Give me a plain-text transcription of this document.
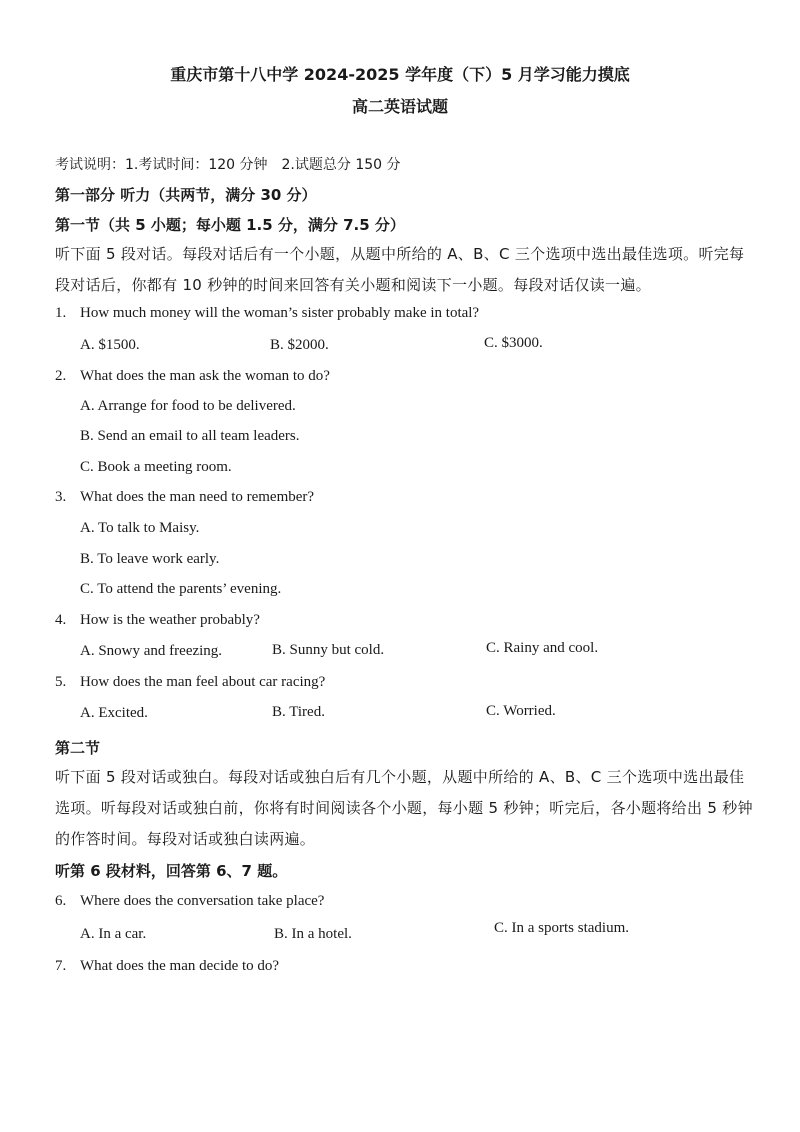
重庆市第十八中学 2024-2025 学年度（下）5 月学习能力摸底
高二英语试题
考试说明：1.考试时间：120 分钟　2.试题总分 150 分
第一部分 听力（共两节，满分 30 分）
第一节（共 5 小题；每小题 1.5 分，满分 7.5 分）
听下面 5 段对话。每段对话后有一个小题，从题中所给的 A、B、C 三个选项中选出最佳选项。听完每
段对话后，你都有 10 秒钟的时间来回答有关小题和阅读下一小题。每段对话仅读一遍。
1. How much money will the woman’s sister probably make in total?
A. $1500.	B. $2000.	C. $3000.
2. What does the man ask the woman to do?
A. Arrange for food to be delivered.
B. Send an email to all team leaders.
C. Book a meeting room.
3. What does the man need to remember?
A. To talk to Maisy.
B. To leave work early.
C. To attend the parents’ evening.
4. How is the weather probably?
A. Snowy and freezing.	B. Sunny but cold.	C. Rainy and cool.
5. How does the man feel about car racing?
A. Excited.	B. Tired.	C. Worried.
第二节
听下面 5 段对话或独白。每段对话或独白后有几个小题，从题中所给的 A、B、C 三个选项中选出最佳
选项。听每段对话或独白前，你将有时间阅读各个小题，每小题 5 秒钟；听完后，各小题将给出 5 秒钟
的作答时间。每段对话或独白读两遍。
听第 6 段材料，回答第 6、7 题。
6. Where does the conversation take place?
A. In a car.	B. In a hotel.	C. In a sports stadium.
7. What does the man decide to do?
